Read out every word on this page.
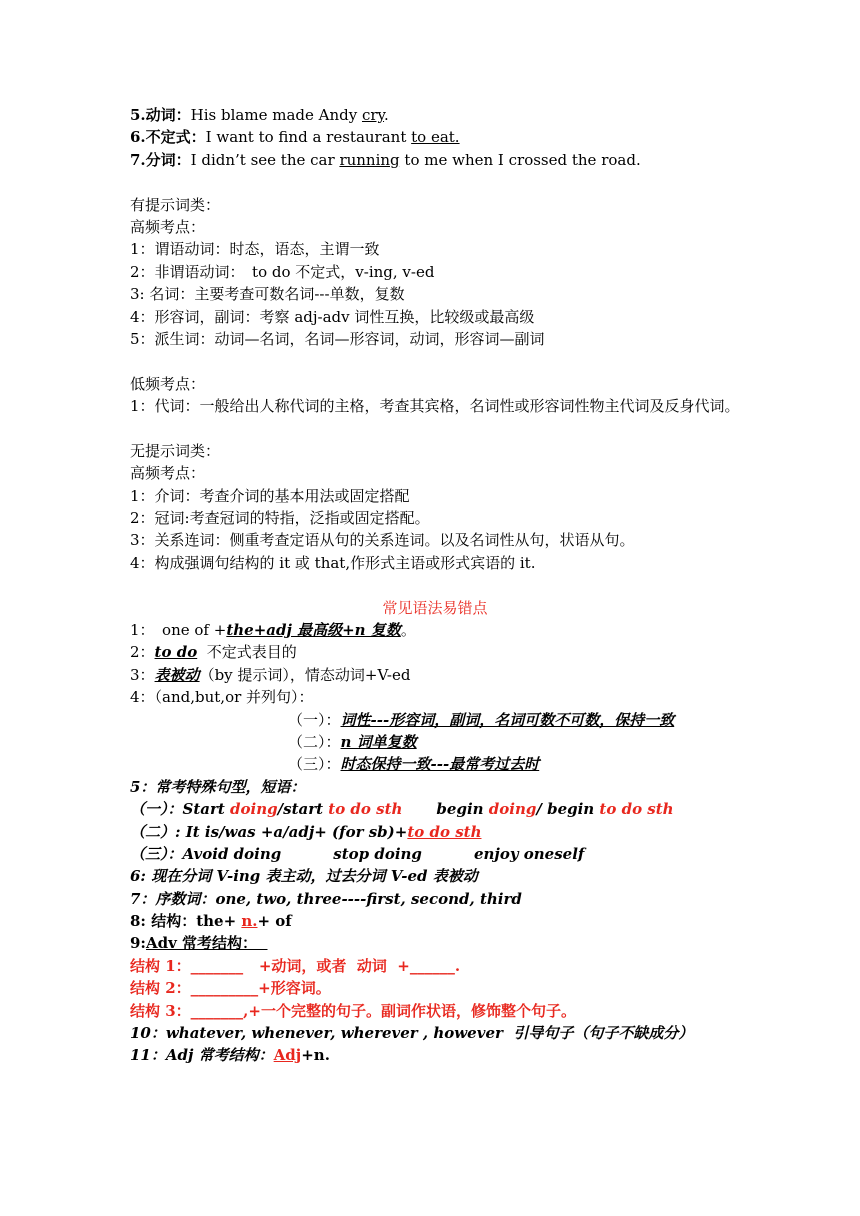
5.动词：His blame made Andy cry.
6.不定式：I want to find a restaurant to eat.
7.分词：I didn’t see the car running to me when I crossed the road.
有提示词类：
高频考点：
1：谓语动词：时态，语态，主谓一致
2：非谓语动词：　to do 不定式，v-ing, v-ed
3: 名词：主要考查可数名词---单数，复数
4：形容词，副词：考察 adj-adv 词性互换，比较级或最高级
5：派生词：动词—名词，名词—形容词，动词，形容词—副词
低频考点：
1：代词：一般给出人称代词的主格，考查其宾格，名词性或形容词性物主代词及反身代词。
无提示词类：
高频考点：
1：介词：考查介词的基本用法或固定搭配
2：冠词:考查冠词的特指，泛指或固定搭配。
3：关系连词：侧重考查定语从句的关系连词。以及名词性从句，状语从句。
4：构成强调句结构的 it 或 that,作形式主语或形式宾语的 it.
常见语法易错点
1：　one of +the+adj 最高级+n 复数。
2：to do  不定式表目的
3：表被动（by 提示词），情态动词+V-ed
4：（and,but,or 并列句）：
（一）：词性---形容词，副词，名词可数不可数，保持一致
（二）：n 词单复数
（三）：时态保持一致---最常考过去时
5：常考特殊句型，短语：
（一）：Start doing/start to do sth begin doing/ begin to do sth
（二）: It is/was +a/adj+ (for sb)+to do sth
（三）：Avoid doing	stop doing	enjoy oneself
6: 现在分词 V-ing 表主动，过去分词 V-ed 表被动
7：序数词：one, two, three----first, second, third
8: 结构：the+ n.+ of
9:Adv 常考结构：
结构 1：_______   +动词，或者  动词  +______.
结构 2：_________+形容词。
结构 3：_______,+一个完整的句子。副词作状语，修饰整个句子。
10：whatever, whenever, wherever , however  引导句子（句子不缺成分）
11：Adj 常考结构：Adj+n.
